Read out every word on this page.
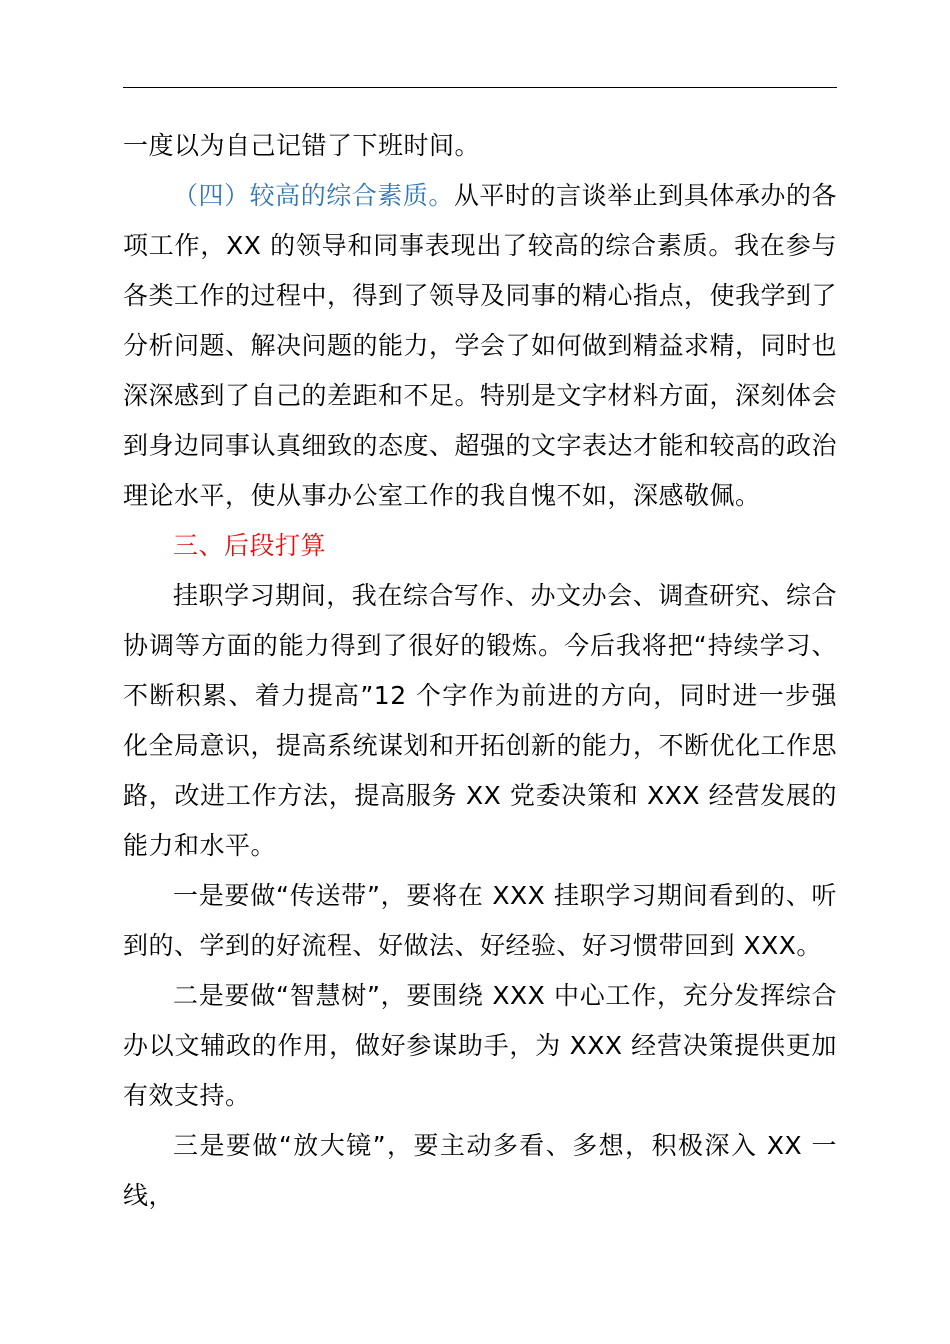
一度以为自己记错了下班时间。

（四）较高的综合素质。从平时的言谈举止到具体承办的各项工作，XX 的领导和同事表现出了较高的综合素质。我在参与各类工作的过程中，得到了领导及同事的精心指点，使我学到了分析问题、解决问题的能力，学会了如何做到精益求精，同时也深深感到了自己的差距和不足。特别是文字材料方面，深刻体会到身边同事认真细致的态度、超强的文字表达才能和较高的政治理论水平，使从事办公室工作的我自愧不如，深感敬佩。

三、后段打算

挂职学习期间，我在综合写作、办文办会、调查研究、综合协调等方面的能力得到了很好的锻炼。今后我将把“持续学习、不断积累、着力提高”12 个字作为前进的方向，同时进一步强化全局意识，提高系统谋划和开拓创新的能力，不断优化工作思路，改进工作方法，提高服务 XX 党委决策和 XXX 经营发展的能力和水平。

一是要做“传送带”，要将在 XXX 挂职学习期间看到的、听到的、学到的好流程、好做法、好经验、好习惯带回到 XXX。

二是要做“智慧树”，要围绕 XXX 中心工作，充分发挥综合办以文辅政的作用，做好参谋助手，为 XXX 经营决策提供更加有效支持。

三是要做“放大镜”，要主动多看、多想，积极深入 XX 一线，
